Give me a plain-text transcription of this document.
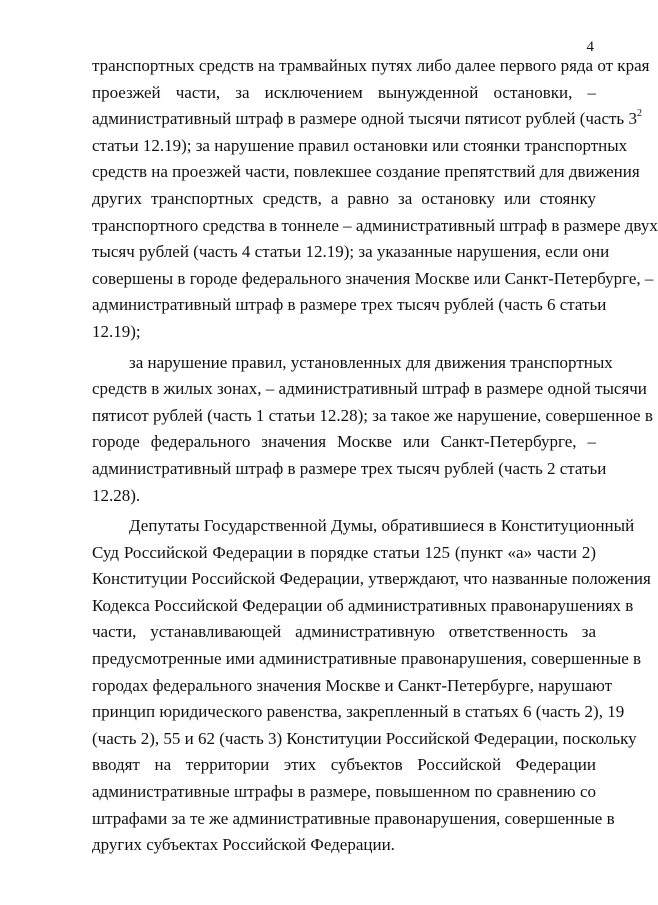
4
транспортных средств на трамвайных путях либо далее первого ряда от края
проезжей части, за исключением вынужденной остановки, –
административный штраф в размере одной тысячи пятисот рублей (часть $3^2$
статьи 12.19); за нарушение правил остановки или стоянки транспортных
средств на проезжей части, повлекшее создание препятствий для движения
других транспортных средств, а равно за остановку или стоянку
транспортного средства в тоннеле – административный штраф в размере двух
тысяч рублей (часть 4 статьи 12.19); за указанные нарушения, если они
совершены в городе федерального значения Москве или Санкт-Петербурге, –
административный штраф в размере трех тысяч рублей (часть 6 статьи
12.19);
за нарушение правил, установленных для движения транспортных
средств в жилых зонах, – административный штраф в размере одной тысячи
пятисот рублей (часть 1 статьи 12.28); за такое же нарушение, совершенное в
городе федерального значения Москве или Санкт-Петербурге, –
административный штраф в размере трех тысяч рублей (часть 2 статьи
12.28).
Депутаты Государственной Думы, обратившиеся в Конституционный
Суд Российской Федерации в порядке статьи 125 (пункт «а» части 2)
Конституции Российской Федерации, утверждают, что названные положения
Кодекса Российской Федерации об административных правонарушениях в
части, устанавливающей административную ответственность за
предусмотренные ими административные правонарушения, совершенные в
городах федерального значения Москве и Санкт-Петербурге, нарушают
принцип юридического равенства, закрепленный в статьях 6 (часть 2), 19
(часть 2), 55 и 62 (часть 3) Конституции Российской Федерации, поскольку
вводят на территории этих субъектов Российской Федерации
административные штрафы в размере, повышенном по сравнению со
штрафами за те же административные правонарушения, совершенные в
других субъектах Российской Федерации.
